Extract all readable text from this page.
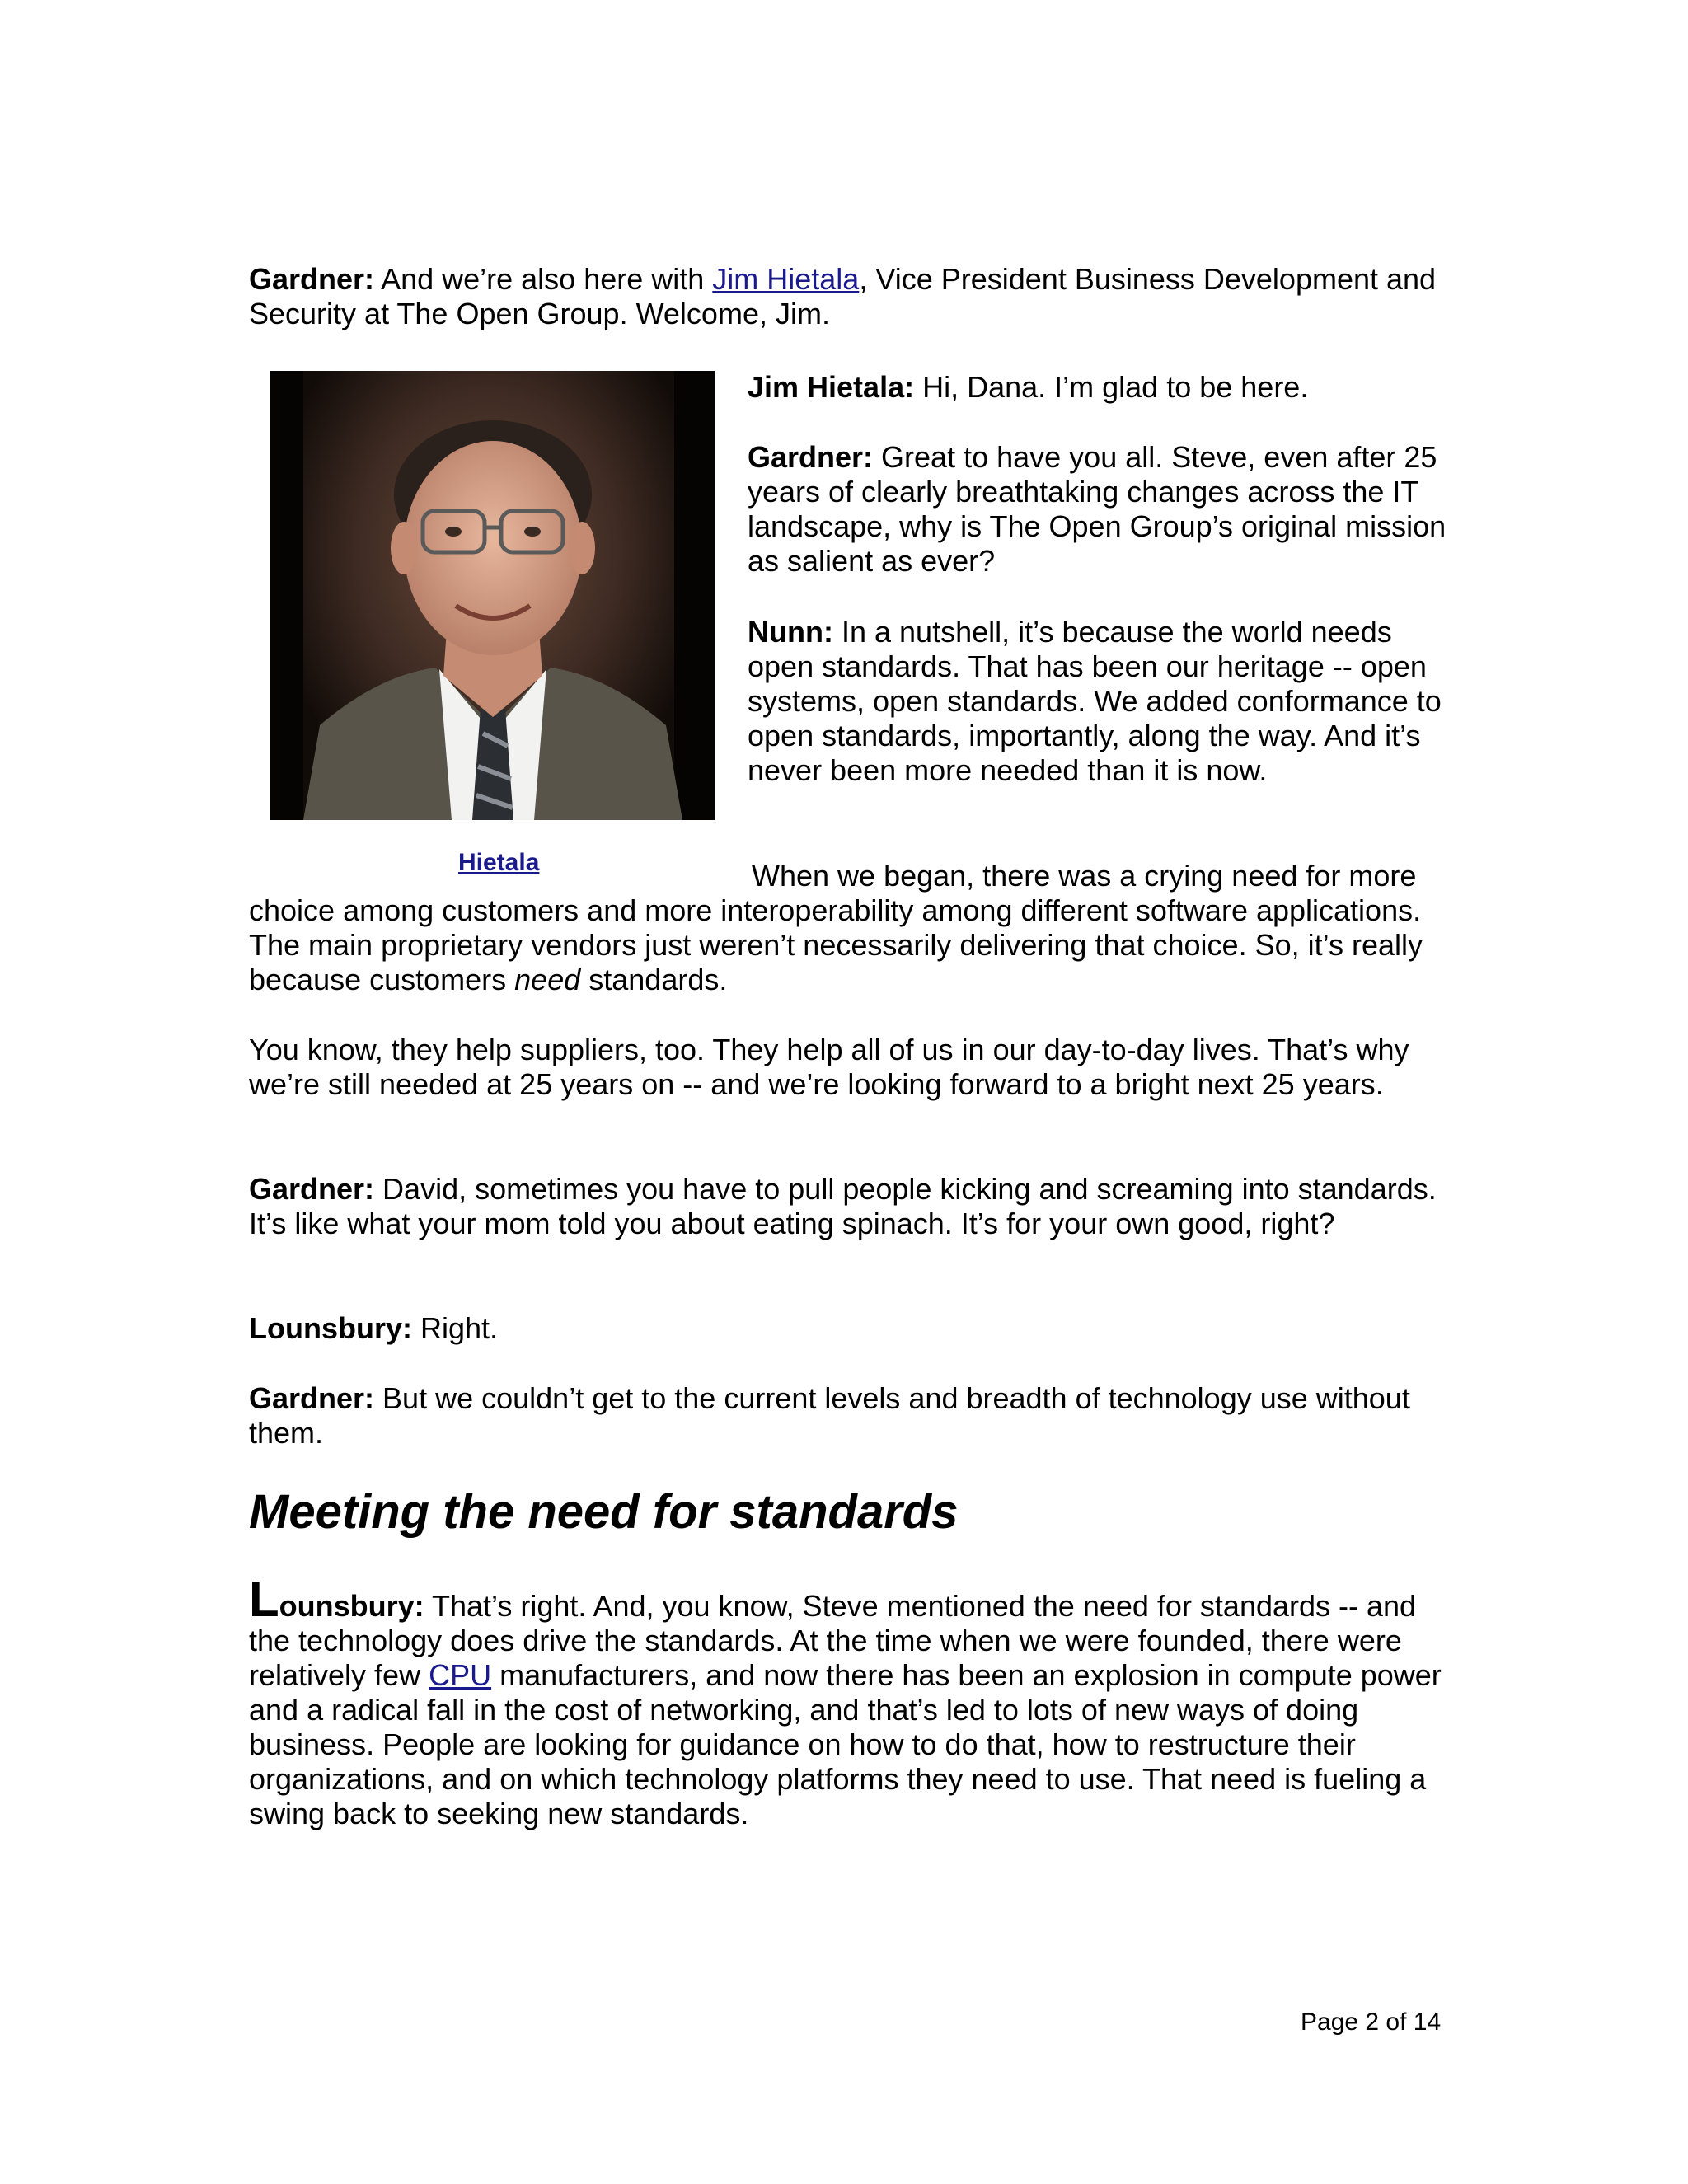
Gardner: And we’re also here with Jim Hietala, Vice President Business Development and Security at The Open Group. Welcome, Jim.

Hietala

Jim Hietala: Hi, Dana. I’m glad to be here.

Gardner: Great to have you all. Steve, even after 25 years of clearly breathtaking changes across the IT landscape, why is The Open Group’s original mission as salient as ever?

Nunn: In a nutshell, it’s because the world needs open standards. That has been our heritage -- open systems, open standards. We added conformance to open standards, importantly, along the way. And it’s never been more needed than it is now.

When we began, there was a crying need for more

choice among customers and more interoperability among different software applications. The main proprietary vendors just weren’t necessarily delivering that choice. So, it’s really because customers need standards.

You know, they help suppliers, too. They help all of us in our day-to-day lives. That’s why we’re still needed at 25 years on -- and we’re looking forward to a bright next 25 years.

Gardner: David, sometimes you have to pull people kicking and screaming into standards. It’s like what your mom told you about eating spinach. It’s for your own good, right?

Lounsbury: Right.

Gardner: But we couldn’t get to the current levels and breadth of technology use without them.

Meeting the need for standards

Lounsbury: That’s right. And, you know, Steve mentioned the need for standards -- and the technology does drive the standards. At the time when we were founded, there were relatively few CPU manufacturers, and now there has been an explosion in compute power and a radical fall in the cost of networking, and that’s led to lots of new ways of doing business. People are looking for guidance on how to do that, how to restructure their organizations, and on which technology platforms they need to use. That need is fueling a swing back to seeking new standards.

Page 2 of 14
